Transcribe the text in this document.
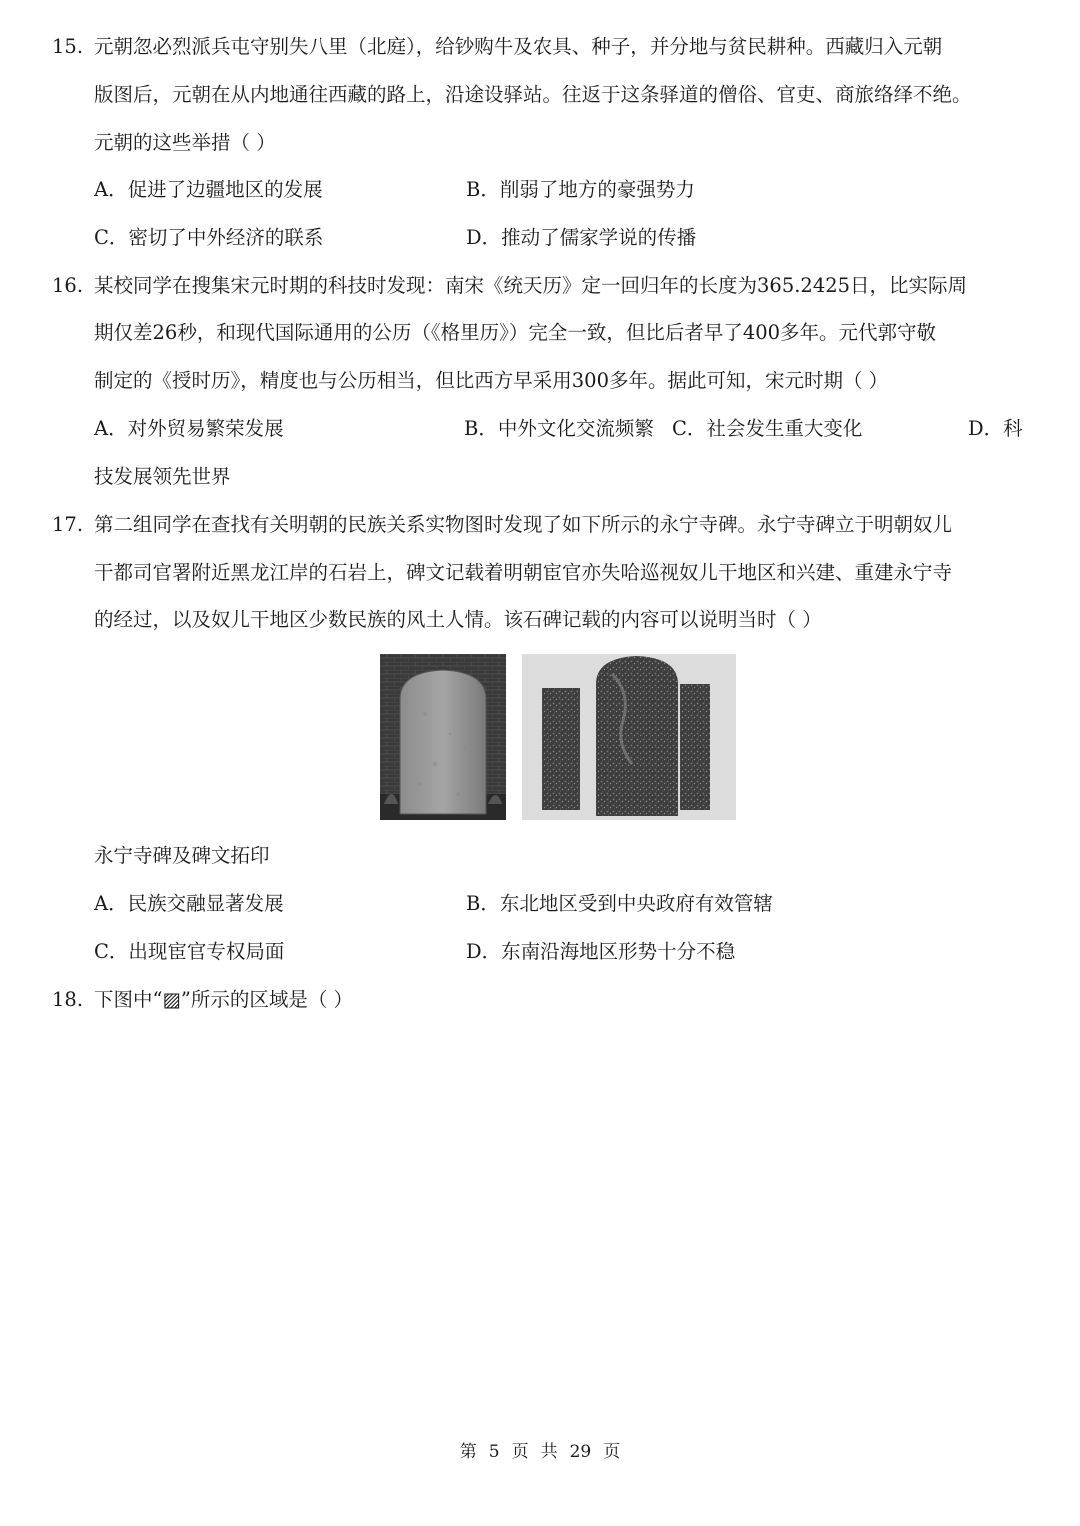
15. 元朝忽必烈派兵屯守别失八里（北庭），给钞购牛及农具、种子，并分地与贫民耕种。西藏归入元朝
版图后，元朝在从内地通往西藏的路上，沿途设驿站。往返于这条驿道的僧俗、官吏、商旅络绎不绝。
元朝的这些举措（ ）
A．促进了边疆地区的发展	B．削弱了地方的豪强势力
C．密切了中外经济的联系	D．推动了儒家学说的传播
16. 某校同学在搜集宋元时期的科技时发现：南宋《统天历》定一回归年的长度为365.2425日，比实际周
期仅差26秒，和现代国际通用的公历（《格里历》）完全一致，但比后者早了400多年。元代郭守敬
制定的《授时历》，精度也与公历相当，但比西方早采用300多年。据此可知，宋元时期（ ）
A．对外贸易繁荣发展	B．中外文化交流频繁 C．社会发生重大变化	D．科
技发展领先世界
17. 第二组同学在查找有关明朝的民族关系实物图时发现了如下所示的永宁寺碑。永宁寺碑立于明朝奴儿
干都司官署附近黑龙江岸的石岩上，碑文记载着明朝宦官亦失哈巡视奴儿干地区和兴建、重建永宁寺
的经过，以及奴儿干地区少数民族的风土人情。该石碑记载的内容可以说明当时（ ）
永宁寺碑及碑文拓印
A．民族交融显著发展	B．东北地区受到中央政府有效管辖
C．出现宦官专权局面	D．东南沿海地区形势十分不稳
18. 下图中“▨”所示的区域是（ ）
第 5 页 共 29 页
